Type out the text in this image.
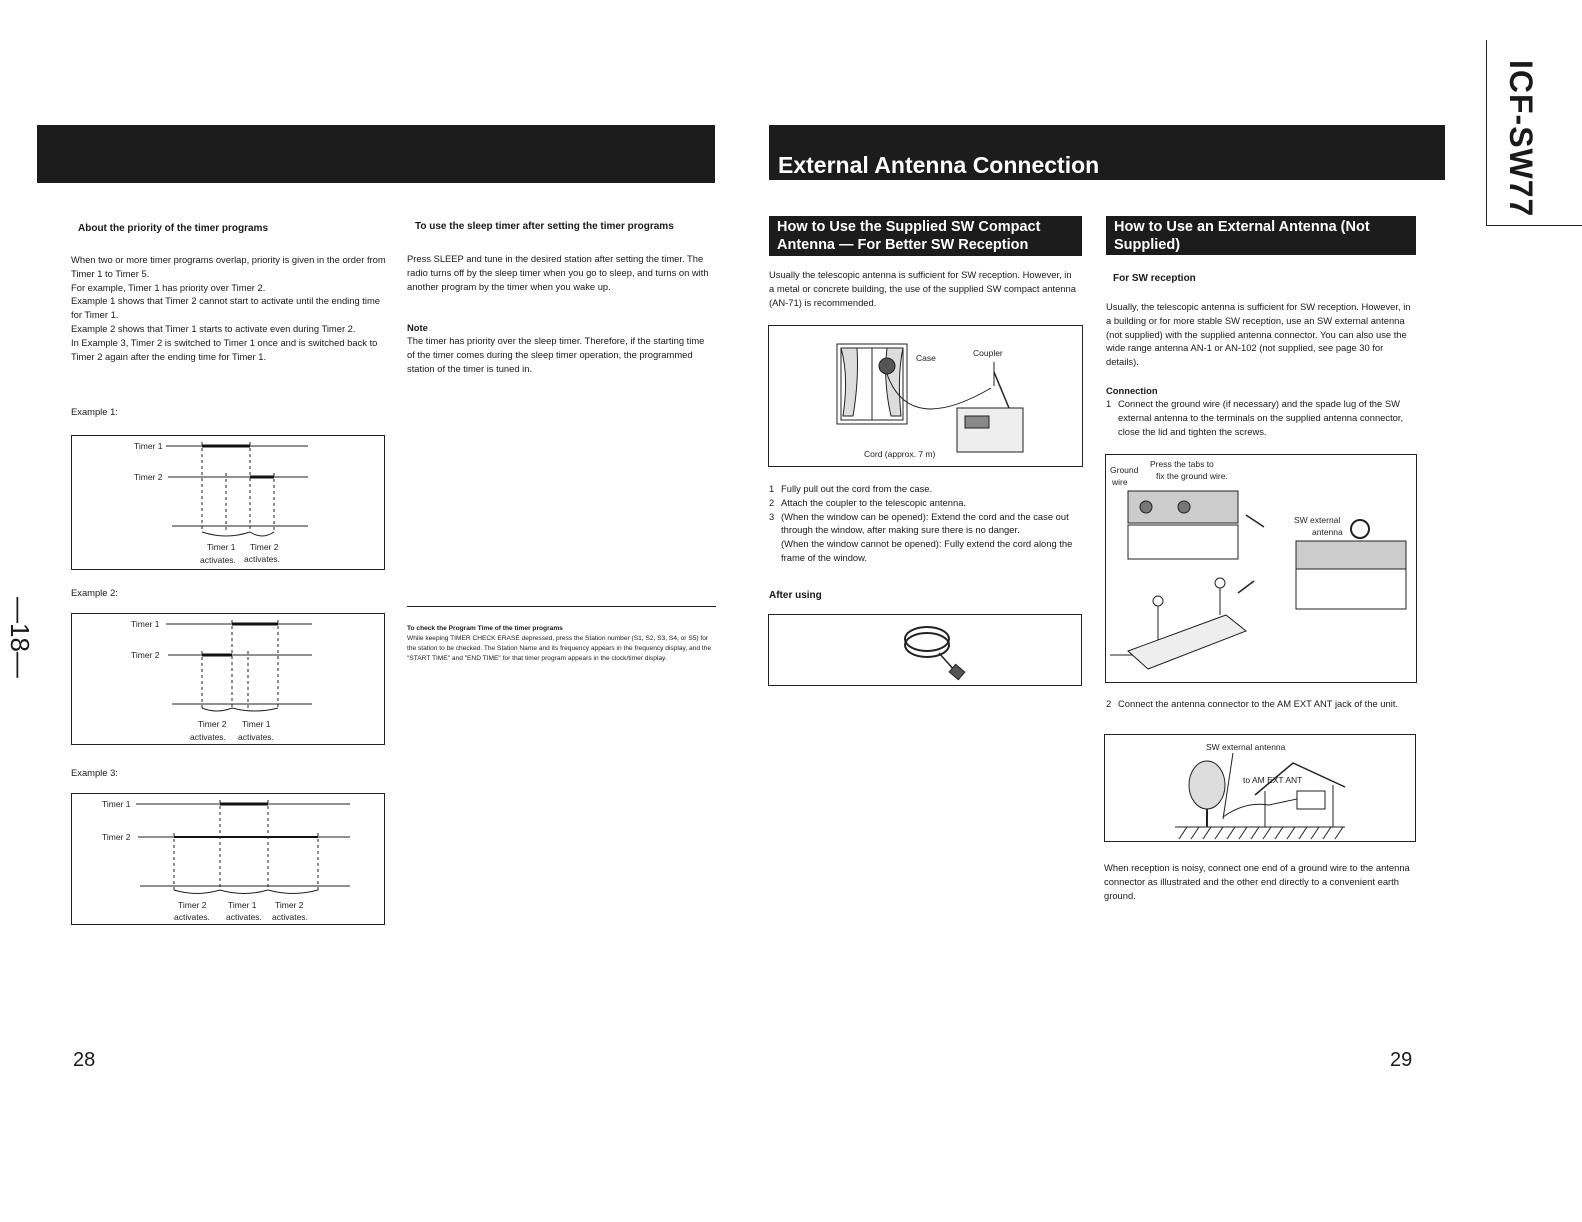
External Antenna Connection	ICF-SW77
—18—
About the priority of the timer programs
When two or more timer programs overlap, priority is given in the order from Timer 1 to Timer 5.
For example, Timer 1 has priority over Timer 2.
Example 1 shows that Timer 2 cannot start to activate until the ending time for Timer 1.
Example 2 shows that Timer 1 starts to activate even during Timer 2.
In Example 3, Timer 2 is switched to Timer 1 once and is switched back to Timer 2 again after the ending time for Timer 1.
Example 1:
Timer 1
Timer 2
Timer 1
activates.
Timer 2
activates.
Example 2:
Timer 1
Timer 2
Timer 2
activates.
Timer 1
activates.
Example 3:
Timer 1
Timer 2
Timer 2
activates.
Timer 1
activates.
Timer 2
activates.
To use the sleep timer after setting the timer programs
Press SLEEP and tune in the desired station after setting the timer. The radio turns off by the sleep timer when you go to sleep, and turns on with another program by the timer when you wake up.
Note
The timer has priority over the sleep timer. Therefore, if the starting time of the timer comes during the sleep timer operation, the programmed station of the timer is tuned in.
To check the Program Time of the timer programs
While keeping TIMER CHECK ERASE depressed, press the Station number (S1, S2, S3, S4, or S5) for the station to be checked. The Station Name and its frequency appears in the frequency display, and the "START TIME" and "END TIME" for that timer program appears in the clock/timer display.
28
How to Use the Supplied SW Compact
Antenna — For Better SW Reception
Usually the telescopic antenna is sufficient for SW reception. However, in a metal or concrete building, the use of the supplied SW compact antenna (AN-71) is recommended.
Case	Coupler
Cord (approx. 7 m)
1 Fully pull out the cord from the case.
2 Attach the coupler to the telescopic antenna.
3 (When the window can be opened): Extend the cord and the case out through the window, after making sure there is no danger.
(When the window cannot be opened): Fully extend the cord along the frame of the window.
After using
How to Use an External Antenna (Not
Supplied)
For SW reception
Usually, the telescopic antenna is sufficient for SW reception. However, in a building or for more stable SW reception, use an SW external antenna (not supplied) with the supplied antenna connector. You can also use the wide range antenna AN-1 or AN-102 (not supplied, see page 30 for details).
Connection
1 Connect the ground wire (if necessary) and the spade lug of the SW external antenna to the terminals on the supplied antenna connector, close the lid and tighten the screws.
Ground
wire
Press the tabs to
fix the ground wire.
SW external
antenna
2 Connect the antenna connector to the AM EXT ANT jack of the unit.
SW external antenna
to AM EXT ANT
When reception is noisy, connect one end of a ground wire to the antenna connector as illustrated and the other end directly to a convenient earth ground.
29
